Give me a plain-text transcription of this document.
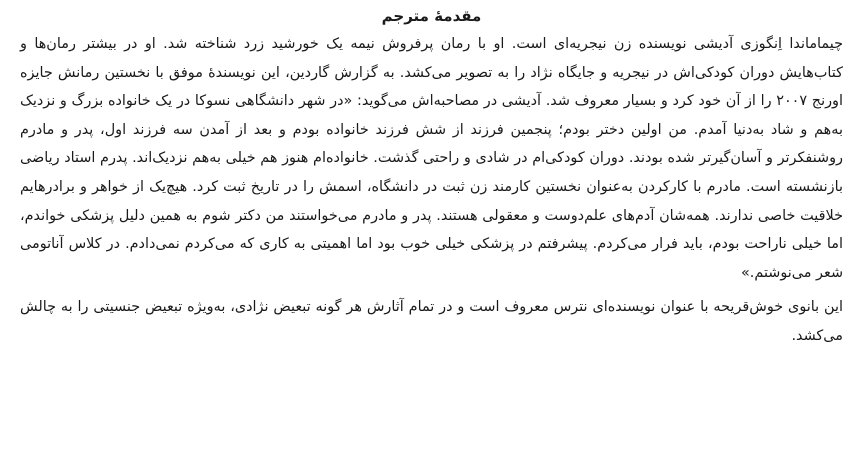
مقدمهٔ مترجم

چیماماندا اِنگوزی آدیشی نویسنده زن نیجریه‌ای است. او با رمان پرفروش نیمه یک خورشید زرد شناخته شد. او در بیشتر رمان‌ها و کتاب‌هایش دوران کودکی‌اش در نیجریه و جایگاه نژاد را به تصویر می‌کشد. به گزارش گاردین، این نویسندهٔ موفق با نخستین رمانش جایزه اورنج ۲۰۰۷ را از آن خود کرد و بسیار معروف شد. آدیشی در مصاحبه‌اش می‌گوید: «در شهر دانشگاهی نسوکا در یک خانواده بزرگ و نزدیک به‌هم و شاد به‌دنیا آمدم. من اولین دختر بودم؛ پنجمین فرزند از شش فرزند خانواده بودم و بعد از آمدن سه فرزند اول، پدر و مادرم روشنفکرتر و آسان‌گیرتر شده بودند. دوران کودکی‌ام در شادی و راحتی گذشت. خانواده‌ام هنوز هم خیلی به‌هم نزدیک‌اند. پدرم استاد ریاضی بازنشسته است. مادرم با کارکردن به‌عنوان نخستین کارمند زن ثبت در دانشگاه، اسمش را در تاریخ ثبت کرد. هیچ‌یک از خواهر و برادرهایم خلاقیت خاصی ندارند. همه‌شان آدم‌های علم‌دوست و معقولی هستند. پدر و مادرم می‌خواستند من دکتر شوم به همین دلیل پزشکی خواندم، اما خیلی ناراحت بودم، باید فرار می‌کردم. پیشرفتم در پزشکی خیلی خوب بود اما اهمیتی به کاری که می‌کردم نمی‌دادم. در کلاس آناتومی شعر می‌نوشتم.»

این بانوی خوش‌قریحه با عنوان نویسنده‌ای نترس معروف است و در تمام آثارش هر گونه تبعیض نژادی، به‌ویژه تبعیض جنسیتی را به چالش می‌کشد.
